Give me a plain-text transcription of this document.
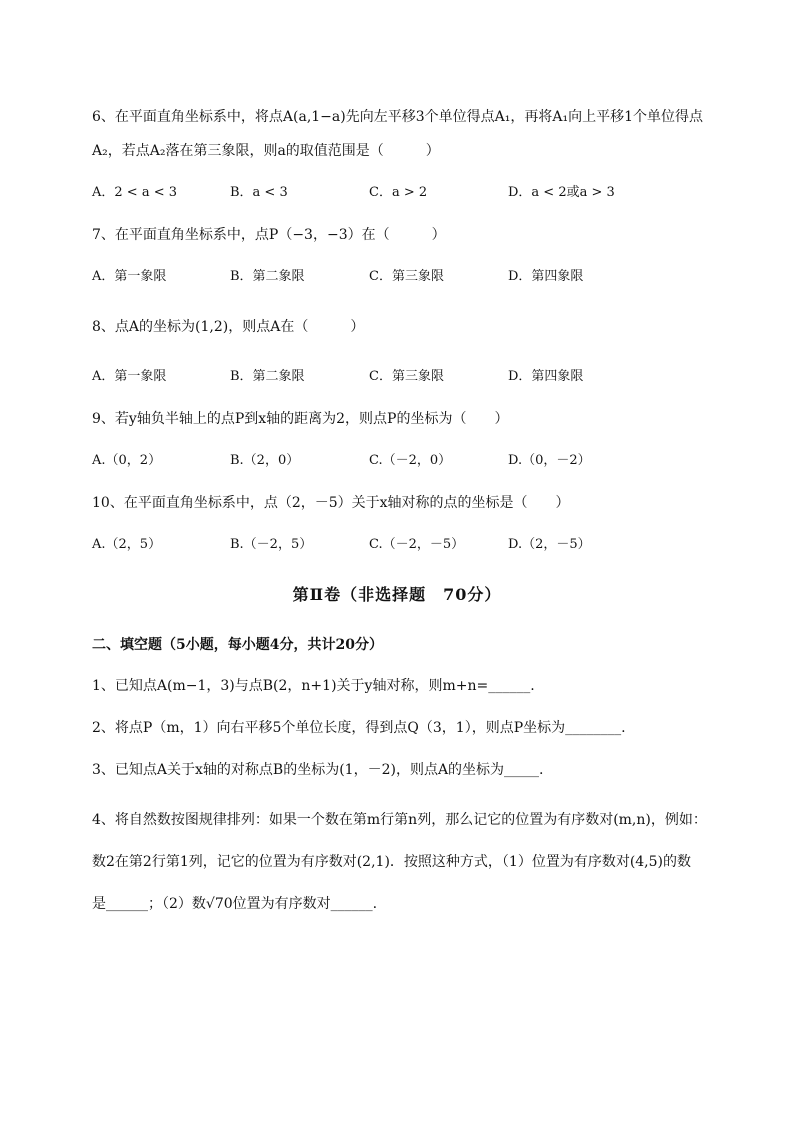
6、在平面直角坐标系中，将点A(a,1−a)先向左平移3个单位得点A₁，再将A₁向上平移1个单位得点
A₂，若点A₂落在第三象限，则a的取值范围是（　　　）
A．2 < a < 3	B．a < 3	C．a > 2	D．a < 2或a > 3
7、在平面直角坐标系中，点P（−3，−3）在（　　　）
A．第一象限	B．第二象限	C．第三象限	D．第四象限
8、点A的坐标为(1,2)，则点A在（　　　）
A．第一象限	B．第二象限	C．第三象限	D．第四象限
9、若y轴负半轴上的点P到x轴的距离为2，则点P的坐标为（　　）
A.（0，2）	B.（2，0）	C.（－2，0）	D.（0，－2）
10、在平面直角坐标系中，点（2，－5）关于x轴对称的点的坐标是（　　）
A.（2，5）	B.（－2，5）	C.（－2，－5）	D.（2，－5）
第Ⅱ卷（非选择题　70分）
二、填空题（5小题，每小题4分，共计20分）
1、已知点A(m−1，3)与点B(2，n+1)关于y轴对称，则m+n=______.
2、将点P（m，1）向右平移5个单位长度，得到点Q（3，1），则点P坐标为________.
3、已知点A关于x轴的对称点B的坐标为(1，－2)，则点A的坐标为_____.
4、将自然数按图规律排列：如果一个数在第m行第n列，那么记它的位置为有序数对(m,n)，例如：
数2在第2行第1列，记它的位置为有序数对(2,1)．按照这种方式，（1）位置为有序数对(4,5)的数
是______；（2）数√70位置为有序数对______.
